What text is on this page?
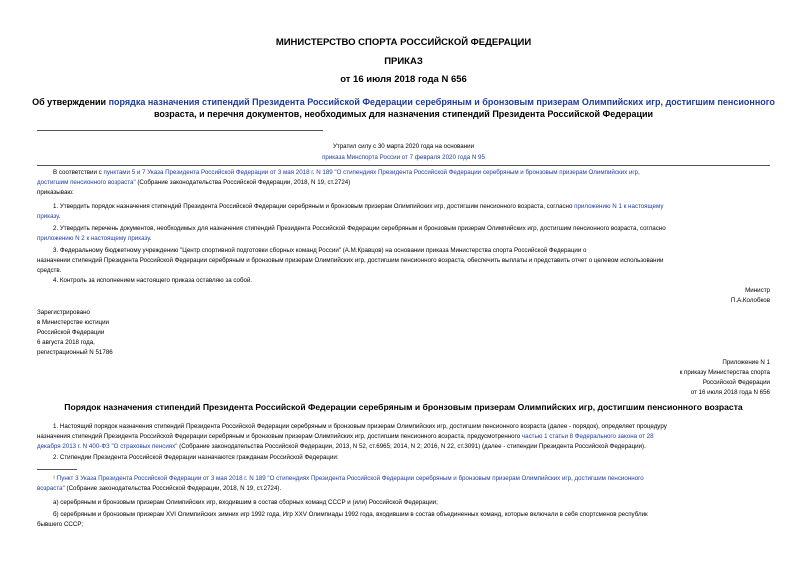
МИНИСТЕРСТВО СПОРТА РОССИЙСКОЙ ФЕДЕРАЦИИ
ПРИКАЗ
от 16 июля 2018 года N 656
Об утверждении порядка назначения стипендий Президента Российской Федерации серебряным и бронзовым призерам Олимпийских игр, достигшим пенсионного
возраста, и перечня документов, необходимых для назначения стипендий Президента Российской Федерации
Утратил силу с 30 марта 2020 года на основании
приказа Минспорта России от 7 февраля 2020 года N 95
В соответствии с пунктами 5 и 7 Указа Президента Российской Федерации от 3 мая 2018 г. N 189 "О стипендиях Президента Российской Федерации серебряным и бронзовым призерам Олимпийских игр,
достигшим пенсионного возраста" (Собрание законодательства Российской Федерации, 2018, N 19, ст.2724)
приказываю:
1. Утвердить порядок назначения стипендий Президента Российской Федерации серебряным и бронзовым призерам Олимпийских игр, достигшим пенсионного возраста, согласно приложению N 1 к настоящему
приказу.
2. Утвердить перечень документов, необходимых для назначения стипендий Президента Российской Федерации серебряным и бронзовым призерам Олимпийских игр, достигшим пенсионного возраста, согласно
приложению N 2 к настоящему приказу.
3. Федеральному бюджетному учреждению "Центр спортивной подготовки сборных команд России" (А.М.Кравцов) на основании приказа Министерства спорта Российской Федерации о
назначении стипендий Президента Российской Федерации серебряным и бронзовым призерам Олимпийских игр, достигшим пенсионного возраста, обеспечить выплаты и представить отчет о целевом использовании
средств.
4. Контроль за исполнением настоящего приказа оставляю за собой.
Министр
П.А.Колобков
Зарегистрировано
в Министерстве юстиции
Российской Федерации
6 августа 2018 года,
регистрационный N 51786
Приложение N 1
к приказу Министерства спорта
Российской Федерации
от 16 июля 2018 года N 656
Порядок назначения стипендий Президента Российской Федерации серебряным и бронзовым призерам Олимпийских игр, достигшим пенсионного возраста
1. Настоящий порядок назначения стипендий Президента Российской Федерации серебряным и бронзовым призерам Олимпийских игр, достигшим пенсионного возраста (далее - порядок), определяет процедуру
назначения стипендий Президента Российской Федерации серебряным и бронзовым призерам Олимпийских игр, достигшим пенсионного возраста, предусмотренного частью 1 статьи 8 Федерального закона от 28
декабря 2013 г. N 400-ФЗ "О страховых пенсиях" (Собрание законодательства Российской Федерации, 2013, N 52, ст.6965; 2014, N 2; 2016, N 22, ст.3091) (далее - стипендии Президента Российской Федерации).
2. Стипендии Президента Российской Федерации назначаются гражданам Российской Федерации:
¹ Пункт 3 Указа Президента Российской Федерации от 3 мая 2018 г. N 189 "О стипендиях Президента Российской Федерации серебряным и бронзовым призерам Олимпийских игр, достигшим пенсионного
возраста" (Собрание законодательства Российской Федерации, 2018, N 19, ст.2724).
а) серебряным и бронзовым призерам Олимпийских игр, входившим в состав сборных команд СССР и (или) Российской Федерации;
б) серебряным и бронзовым призерам XVI Олимпийских зимних игр 1992 года, Игр XXV Олимпиады 1992 года, входившим в состав объединенных команд, которые включали в себя спортсменов республик
бывшего СССР;
